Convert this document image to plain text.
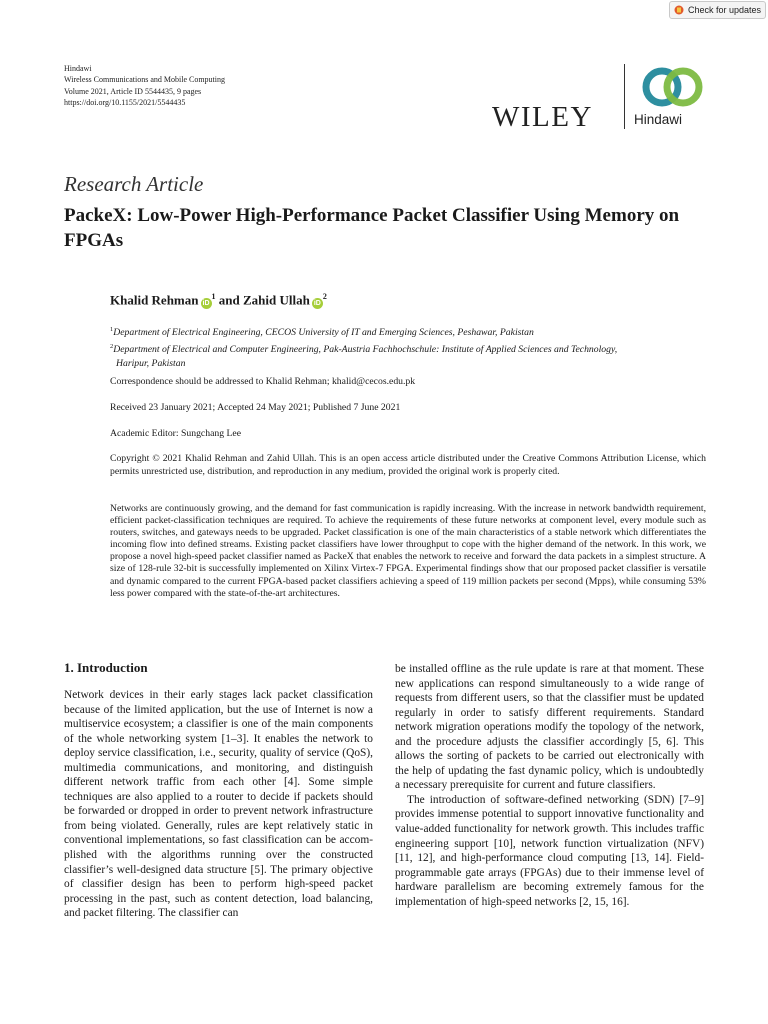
Check for updates
Hindawi
Wireless Communications and Mobile Computing
Volume 2021, Article ID 5544435, 9 pages
https://doi.org/10.1155/2021/5544435	WILEY	Hindawi
Research Article
PackeX: Low-Power High-Performance Packet Classifier Using Memory on FPGAs
Khalid Rehman $iD^1$ and Zahid Ullah $iD^2$
$^1$Department of Electrical Engineering, CECOS University of IT and Emerging Sciences, Peshawar, Pakistan
$^2$Department of Electrical and Computer Engineering, Pak-Austria Fachhochschule: Institute of Applied Sciences and Technology,
Haripur, Pakistan
Correspondence should be addressed to Khalid Rehman; khalid@cecos.edu.pk
Received 23 January 2021; Accepted 24 May 2021; Published 7 June 2021
Academic Editor: Sungchang Lee
Copyright © 2021 Khalid Rehman and Zahid Ullah. This is an open access article distributed under the Creative Commons Attribution License, which permits unrestricted use, distribution, and reproduction in any medium, provided the original work is properly cited.
Networks are continuously growing, and the demand for fast communication is rapidly increasing. With the increase in network bandwidth requirement, efficient packet-classification techniques are required. To achieve the requirements of these future networks at component level, every module such as routers, switches, and gateways needs to be upgraded. Packet classification is one of the main characteristics of a stable network which differentiates the incoming flow into defined streams. Existing packet classifiers have lower throughput to cope with the higher demand of the network. In this work, we propose a novel high-speed packet classifier named as PackeX that enables the network to receive and forward the data packets in a simplest structure. A size of 128-rule 32-bit is successfully implemented on Xilinx Virtex-7 FPGA. Experimental findings show that our proposed packet classifier is versatile and dynamic compared to the current FPGA-based packet classifiers achieving a speed of 119 million packets per second (Mpps), while consuming 53% less power compared with the state-of-the-art architectures.
1. Introduction

Network devices in their early stages lack packet classification because of the limited application, but the use of Internet is now a multiservice ecosystem; a classifier is one of the main components of the whole networking system [1–3]. It enables the network to deploy service classification, i.e., security, quality of service (QoS), multimedia communications, and monitoring, and distinguish different network traffic from each other [4]. Some simple techniques are also applied to a router to decide if packets should be forwarded or dropped in order to prevent network infrastructure from being violated. Generally, rules are kept relatively static in conventional implementations, so fast classification can be accomplished with the algorithms running over the constructed classifier’s well-designed data structure [5]. The primary objective of classifier design has been to perform high-speed packet processing in the past, such as content detection, load balancing, and packet filtering. The classifier can

be installed offline as the rule update is rare at that moment. These new applications can respond simultaneously to a wide range of requests from different users, so that the classifier must be updated regularly in order to satisfy different requirements. Standard network migration operations modify the topology of the network, and the procedure adjusts the classifier accordingly [5, 6]. This allows the sorting of packets to be carried out electronically with the help of updating the fast dynamic policy, which is undoubtedly a necessary prerequisite for current and future classifiers.

The introduction of software-defined networking (SDN) [7–9] provides immense potential to support innovative functionality and value-added functionality for network growth. This includes traffic engineering support [10], network function virtualization (NFV) [11, 12], and high-performance cloud computing [13, 14]. Field-programmable gate arrays (FPGAs) due to their immense level of hardware parallelism are becoming extremely famous for the implementation of high-speed networks [2, 15, 16].
